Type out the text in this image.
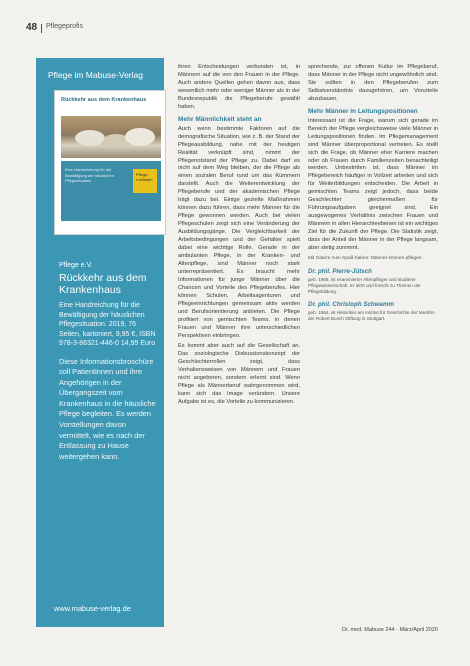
48 Pflegeprofis
Pflege im Mabuse-Verlag
Rückkehr aus dem Krankenhaus
Eine Handreichung für die Bewältigung der häuslichen Pflegesituation
Pflege-Leitfaden

Pflege e.V.

Rückkehr aus dem Krankenhaus

Eine Handreichung für die Bewältigung der häuslichen Pflegesituation. 2019, 76 Seiten, kartoniert, 9,95 €, ISBN 978-3-86321-446-0 14,95 Euro

Diese Informationsbroschüre soll Patientinnen und ihre Angehörigen in der Übergangszeit vom Krankenhaus in die häusliche Pflege begleiten. Es werden Vorstellungen davon vermittelt, wie es nach der Entlassung zu Hause weitergehen kann.

www.mabuse-verlag.de

ihren Entscheidungen verbunden ist, in Männern auf die von den Frauen in der Pflege. Auch andere Quellen gehen davon aus, dass wesentlich mehr oder weniger Männer als in der Bundesrepublik die Pflegeberufe gewählt haben.

Mehr Männlichkeit steht an

Auch wenn bestimmte Faktoren auf die demografische Situation, wie z. B. der Stand der Pflegeausbildung, nahe mit der heutigen Realität verknüpft sind, nimmt der Pflegenotstand der Pflege zu. Dabei darf es nicht auf dem Weg bleiben, der die Pflege als einen sozialen Beruf rund um das Kümmern darstellt. Auch die Weiterentwicklung der Pflegeberufe und der akademischen Pflege trägt dazu bei. Einige gezielte Maßnahmen können dazu führen, dass mehr Männer für die Pflege gewonnen werden. Auch bei vielen Pflegeschulen zeigt sich eine Veränderung der Ausbildungsgänge. Die Vergleichbarkeit der Arbeitsbedingungen und der Gehälter spielt dabei eine wichtige Rolle. Gerade in der ambulanten Pflege, in der Kranken- und Altenpflege, sind Männer noch stark unterrepräsentiert. Es braucht mehr Informationen für junge Männer über die Chancen und Vorteile des Pflegeberufes. Hier können Schulen, Arbeitsagenturen und Pflegeeinrichtungen gemeinsam aktiv werden und Berufsorientierung anbieten. Die Pflege profitiert von gemischten Teams, in denen Frauen und Männer ihre unterschiedlichen Perspektiven einbringen.

Es kommt aber auch auf die Gesellschaft an. Das soziologische Diskussionskonzept der Geschlechterrollen zeigt, dass Verhaltensweisen von Männern und Frauen nicht angeboren, sondern erlernt sind. Wenn Pflege als Männerberuf wahrgenommen wird, kann sich das Image verändern. Unsere Aufgabe ist es, die Vorteile zu kommunizieren.

sprechende, zur offenen Kultur im Pflegeberuf, dass Männer in der Pflege nicht ungewöhnlich sind. Sie sollten in den Pflegeberufen zum Selbstverständnis dazugehören, um Vorurteile abzubauen.

Mehr Männer in Leitungspositionen

Interessant ist die Frage, warum sich gerade im Bereich der Pflege vergleichsweise viele Männer in Leitungspositionen finden. Im Pflegemanagement sind Männer überproportional vertreten. Es stellt sich die Frage, ob Männer eher Karriere machen oder ob Frauen durch Familienzeiten benachteiligt werden. Unbestritten ist, dass Männer im Pflegebereich häufiger in Vollzeit arbeiten und sich für Weiterbildungen entscheiden. Die Arbeit in gemischten Teams zeigt jedoch, dass beide Geschlechter gleichermaßen für Führungsaufgaben geeignet sind. Ein ausgewogenes Verhältnis zwischen Frauen und Männern in allen Hierarchieebenen ist ein wichtiges Ziel für die Zukunft der Pflege. Die Statistik zeigt, dass der Anteil der Männer in der Pflege langsam, aber stetig zunimmt.

Mit Gitarre zum Spaß haben: Männer können pflegen.
Dr. phil. Pierre-Jütsch

geb. 1966, ist examinierter Altenpfleger und studierte Pflegewissenschaft. Er lehrt und forscht zu Themen der Pflegebildung.

Dr. phil. Christoph Schwamm

geb. 1984, ist Historiker am Institut für Geschichte der Medizin der Robert Bosch Stiftung in Stuttgart.

Dr. med. Mabuse 244 · März/April 2020
